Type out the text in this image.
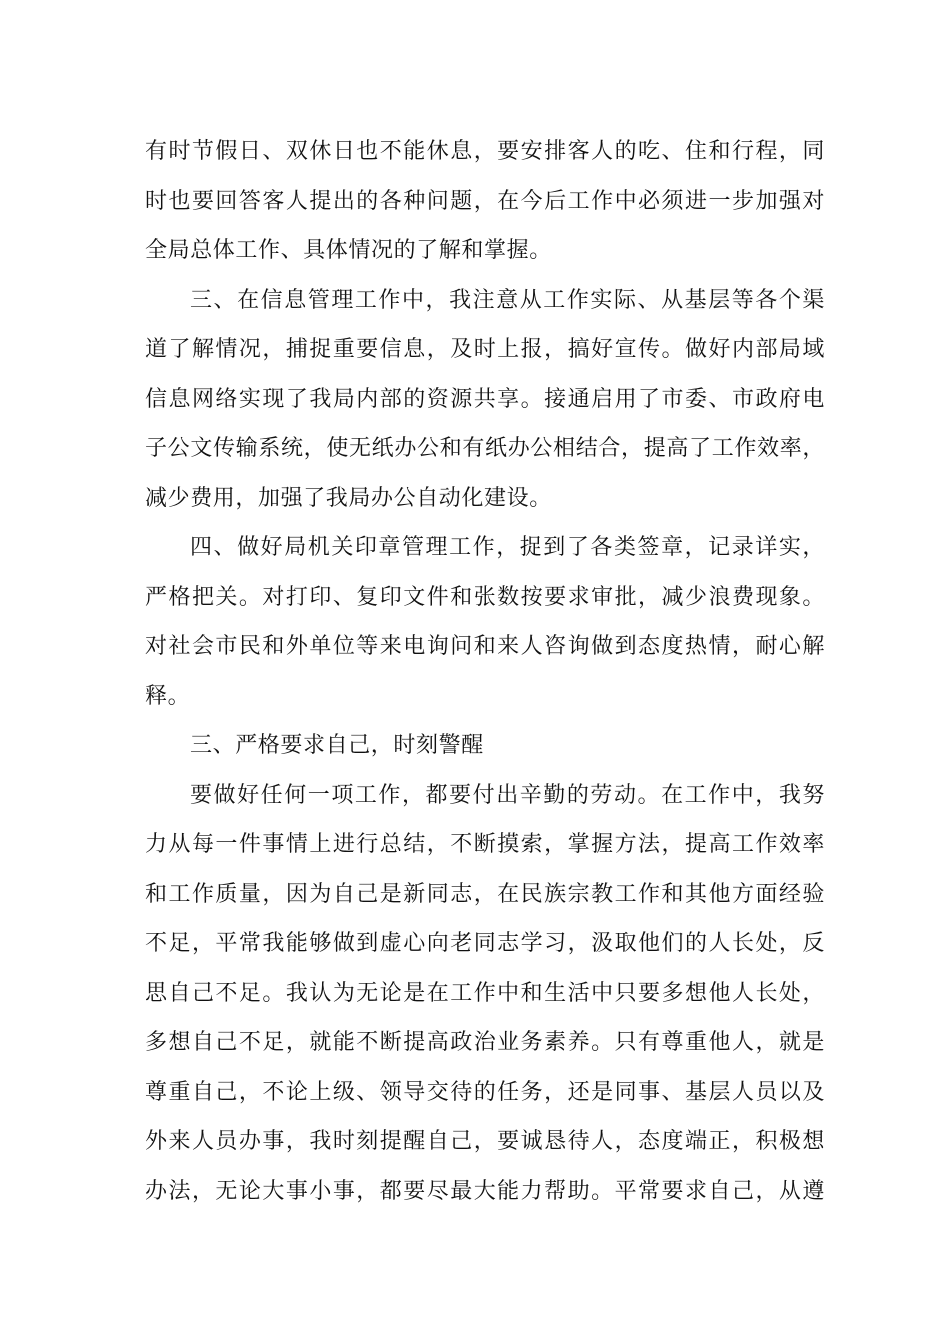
有时节假日、双休日也不能休息，要安排客人的吃、住和行程，同
时也要回答客人提出的各种问题，在今后工作中必须进一步加强对
全局总体工作、具体情况的了解和掌握。
三、在信息管理工作中，我注意从工作实际、从基层等各个渠
道了解情况，捕捉重要信息，及时上报，搞好宣传。做好内部局域
信息网络实现了我局内部的资源共享。接通启用了市委、市政府电
子公文传输系统，使无纸办公和有纸办公相结合，提高了工作效率，
减少费用，加强了我局办公自动化建设。
四、做好局机关印章管理工作，捉到了各类签章，记录详实，
严格把关。对打印、复印文件和张数按要求审批，减少浪费现象。
对社会市民和外单位等来电询问和来人咨询做到态度热情，耐心解
释。
三、严格要求自己，时刻警醒
要做好任何一项工作，都要付出辛勤的劳动。在工作中，我努
力从每一件事情上进行总结，不断摸索，掌握方法，提高工作效率
和工作质量，因为自己是新同志，在民族宗教工作和其他方面经验
不足，平常我能够做到虚心向老同志学习，汲取他们的人长处，反
思自己不足。我认为无论是在工作中和生活中只要多想他人长处，
多想自己不足，就能不断提高政治业务素养。只有尊重他人，就是
尊重自己，不论上级、领导交待的任务，还是同事、基层人员以及
外来人员办事，我时刻提醒自己，要诚恳待人，态度端正，积极想
办法，无论大事小事，都要尽最大能力帮助。平常要求自己，从遵
